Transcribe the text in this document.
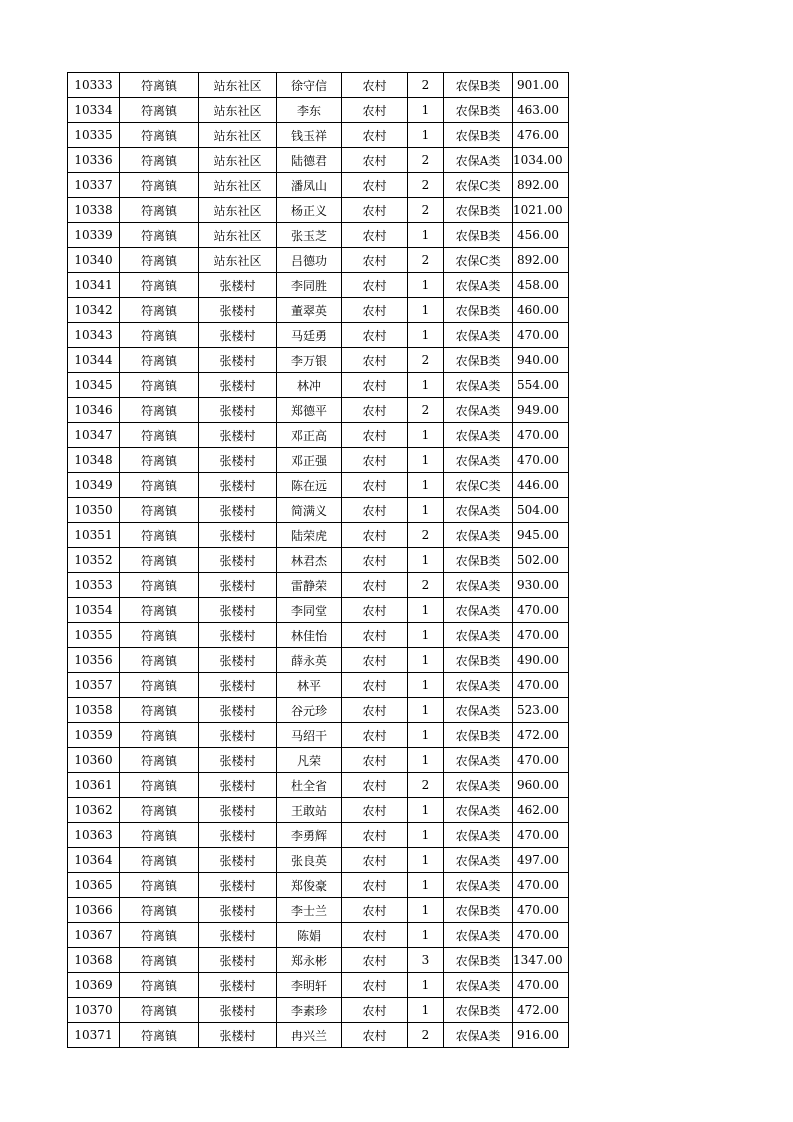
10333	符离镇	站东社区	徐守信	农村	2	农保B类	901.00
10334	符离镇	站东社区	李东	农村	1	农保B类	463.00
10335	符离镇	站东社区	钱玉祥	农村	1	农保B类	476.00
10336	符离镇	站东社区	陆德君	农村	2	农保A类	1034.00
10337	符离镇	站东社区	潘凤山	农村	2	农保C类	892.00
10338	符离镇	站东社区	杨正义	农村	2	农保B类	1021.00
10339	符离镇	站东社区	张玉芝	农村	1	农保B类	456.00
10340	符离镇	站东社区	吕德功	农村	2	农保C类	892.00
10341	符离镇	张楼村	李同胜	农村	1	农保A类	458.00
10342	符离镇	张楼村	董翠英	农村	1	农保B类	460.00
10343	符离镇	张楼村	马廷勇	农村	1	农保A类	470.00
10344	符离镇	张楼村	李万银	农村	2	农保B类	940.00
10345	符离镇	张楼村	林冲	农村	1	农保A类	554.00
10346	符离镇	张楼村	郑德平	农村	2	农保A类	949.00
10347	符离镇	张楼村	邓正高	农村	1	农保A类	470.00
10348	符离镇	张楼村	邓正强	农村	1	农保A类	470.00
10349	符离镇	张楼村	陈在远	农村	1	农保C类	446.00
10350	符离镇	张楼村	简满义	农村	1	农保A类	504.00
10351	符离镇	张楼村	陆荣虎	农村	2	农保A类	945.00
10352	符离镇	张楼村	林君杰	农村	1	农保B类	502.00
10353	符离镇	张楼村	雷静荣	农村	2	农保A类	930.00
10354	符离镇	张楼村	李同堂	农村	1	农保A类	470.00
10355	符离镇	张楼村	林佳怡	农村	1	农保A类	470.00
10356	符离镇	张楼村	薛永英	农村	1	农保B类	490.00
10357	符离镇	张楼村	林平	农村	1	农保A类	470.00
10358	符离镇	张楼村	谷元珍	农村	1	农保A类	523.00
10359	符离镇	张楼村	马绍干	农村	1	农保B类	472.00
10360	符离镇	张楼村	凡荣	农村	1	农保A类	470.00
10361	符离镇	张楼村	杜全省	农村	2	农保A类	960.00
10362	符离镇	张楼村	王敢站	农村	1	农保A类	462.00
10363	符离镇	张楼村	李勇辉	农村	1	农保A类	470.00
10364	符离镇	张楼村	张良英	农村	1	农保A类	497.00
10365	符离镇	张楼村	郑俊豪	农村	1	农保A类	470.00
10366	符离镇	张楼村	李士兰	农村	1	农保B类	470.00
10367	符离镇	张楼村	陈娟	农村	1	农保A类	470.00
10368	符离镇	张楼村	郑永彬	农村	3	农保B类	1347.00
10369	符离镇	张楼村	李明轩	农村	1	农保A类	470.00
10370	符离镇	张楼村	李素珍	农村	1	农保B类	472.00
10371	符离镇	张楼村	冉兴兰	农村	2	农保A类	916.00
